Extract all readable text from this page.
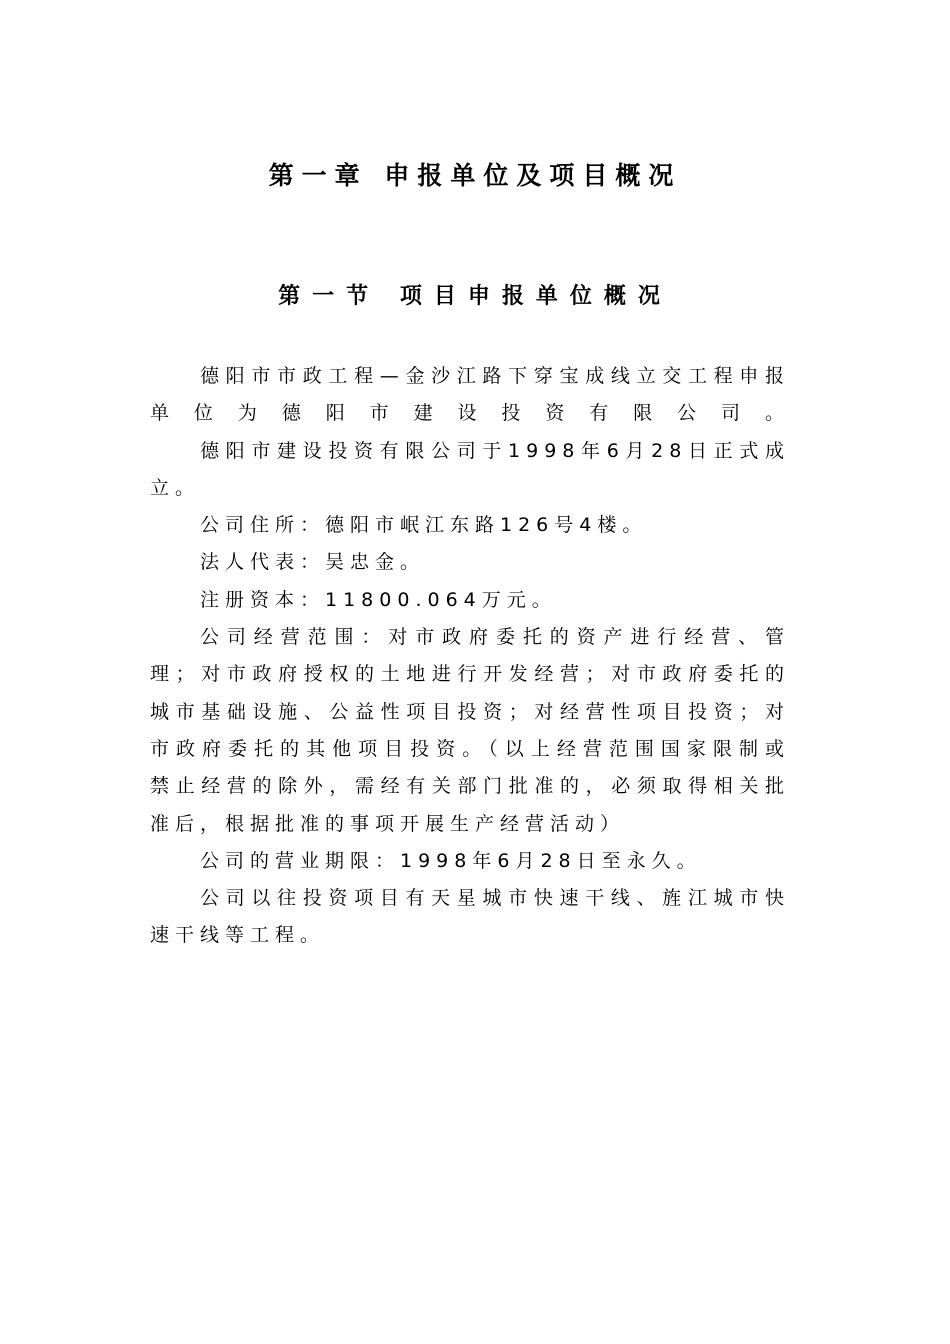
第一章 申报单位及项目概况
第一节 项目申报单位概况

德阳市市政工程—金沙江路下穿宝成线立交工程申报单位为德阳市建设投资有限公司。

德阳市建设投资有限公司于1998年6月28日正式成立。

公司住所：德阳市岷江东路126号4楼。

法人代表：吴忠金。

注册资本：11800.064万元。

公司经营范围：对市政府委托的资产进行经营、管理；对市政府授权的土地进行开发经营；对市政府委托的城市基础设施、公益性项目投资；对经营性项目投资；对市政府委托的其他项目投资。（以上经营范围国家限制或禁止经营的除外，需经有关部门批准的，必须取得相关批准后，根据批准的事项开展生产经营活动）

公司的营业期限：1998年6月28日至永久。

公司以往投资项目有天星城市快速干线、旌江城市快速干线等工程。
